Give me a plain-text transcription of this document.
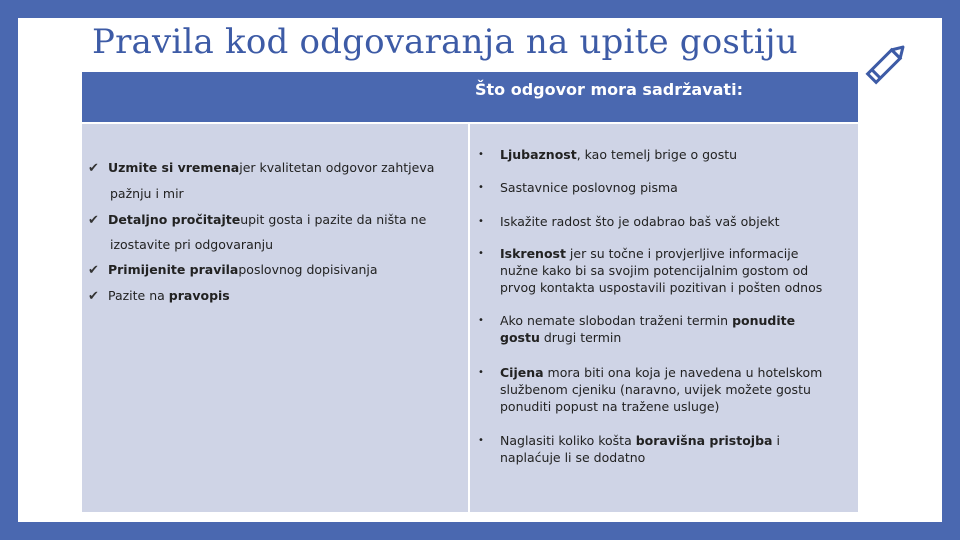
Pravila kod odgovaranja na upite gostiju
Što odgovor mora sadržavati:
✔ Uzmite si vremenajer kvalitetan odgovor zahtjeva
pažnju i mir
✔ Detaljno pročitajteupit gosta i pazite da ništa ne
izostavite pri odgovaranju
✔ Primijenite pravilaposlovnog dopisivanja
✔ Pazite na pravopis
• Ljubaznost, kao temelj brige o gostu
• Sastavnice poslovnog pisma
• Iskažite radost što je odabrao baš vaš objekt
• Iskrenost jer su točne i provjerljive informacije nužne kako bi sa svojim potencijalnim gostom od prvog kontakta uspostavili pozitivan i pošten odnos
• Ako nemate slobodan traženi termin ponudite gostu drugi termin
• Cijena mora biti ona koja je navedena u hotelskom službenom cjeniku (naravno, uvijek možete gostu ponuditi popust na tražene usluge)
• Naglasiti koliko košta boravišna pristojba i naplaćuje li se dodatno
